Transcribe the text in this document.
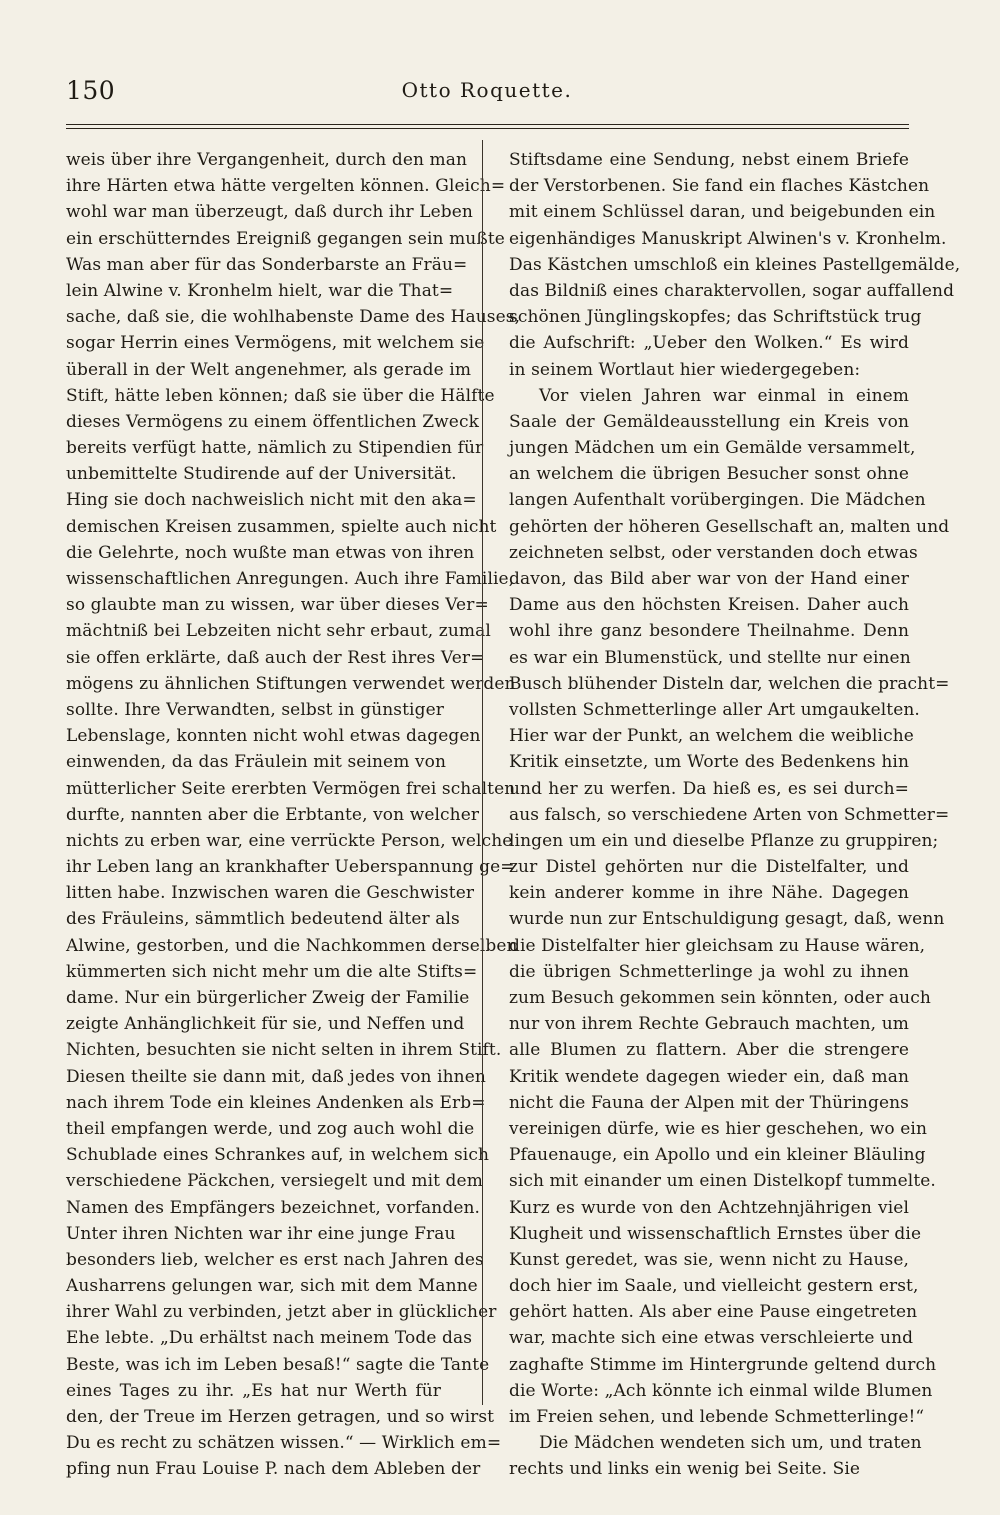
150	Otto Roquette.
weis über ihre Vergangenheit, durch den man
ihre Härten etwa hätte vergelten können. Gleich=
wohl war man überzeugt, daß durch ihr Leben
ein erschütterndes Ereigniß gegangen sein mußte
Was man aber für das Sonderbarste an Fräu=
lein Alwine v. Kronhelm hielt, war die That=
sache, daß sie, die wohlhabenste Dame des Hauses,
sogar Herrin eines Vermögens, mit welchem sie
überall in der Welt angenehmer, als gerade im
Stift, hätte leben können; daß sie über die Hälfte
dieses Vermögens zu einem öffentlichen Zweck
bereits verfügt hatte, nämlich zu Stipendien für
unbemittelte Studirende auf der Universität.
Hing sie doch nachweislich nicht mit den aka=
demischen Kreisen zusammen, spielte auch nicht
die Gelehrte, noch wußte man etwas von ihren
wissenschaftlichen Anregungen. Auch ihre Familie,
so glaubte man zu wissen, war über dieses Ver=
mächtniß bei Lebzeiten nicht sehr erbaut, zumal
sie offen erklärte, daß auch der Rest ihres Ver=
mögens zu ähnlichen Stiftungen verwendet werden
sollte. Ihre Verwandten, selbst in günstiger
Lebenslage, konnten nicht wohl etwas dagegen
einwenden, da das Fräulein mit seinem von
mütterlicher Seite ererbten Vermögen frei schalten
durfte, nannten aber die Erbtante, von welcher
nichts zu erben war, eine verrückte Person, welche
ihr Leben lang an krankhafter Ueberspannung ge=
litten habe. Inzwischen waren die Geschwister
des Fräuleins, sämmtlich bedeutend älter als
Alwine, gestorben, und die Nachkommen derselben
kümmerten sich nicht mehr um die alte Stifts=
dame. Nur ein bürgerlicher Zweig der Familie
zeigte Anhänglichkeit für sie, und Neffen und
Nichten, besuchten sie nicht selten in ihrem Stift.
Diesen theilte sie dann mit, daß jedes von ihnen
nach ihrem Tode ein kleines Andenken als Erb=
theil empfangen werde, und zog auch wohl die
Schublade eines Schrankes auf, in welchem sich
verschiedene Päckchen, versiegelt und mit dem
Namen des Empfängers bezeichnet, vorfanden.
Unter ihren Nichten war ihr eine junge Frau
besonders lieb, welcher es erst nach Jahren des
Ausharrens gelungen war, sich mit dem Manne
ihrer Wahl zu verbinden, jetzt aber in glücklicher
Ehe lebte. „Du erhältst nach meinem Tode das
Beste, was ich im Leben besaß!“ sagte die Tante
eines Tages zu ihr. „Es hat nur Werth für
den, der Treue im Herzen getragen, und so wirst
Du es recht zu schätzen wissen.“ — Wirklich em=
pfing nun Frau Louise P. nach dem Ableben der
Stiftsdame eine Sendung, nebst einem Briefe
der Verstorbenen. Sie fand ein flaches Kästchen
mit einem Schlüssel daran, und beigebunden ein
eigenhändiges Manuskript Alwinen's v. Kronhelm.
Das Kästchen umschloß ein kleines Pastellgemälde,
das Bildniß eines charaktervollen, sogar auffallend
schönen Jünglingskopfes; das Schriftstück trug
die Aufschrift: „Ueber den Wolken.“ Es wird
in seinem Wortlaut hier wiedergegeben:
Vor vielen Jahren war einmal in einem
Saale der Gemäldeausstellung ein Kreis von
jungen Mädchen um ein Gemälde versammelt,
an welchem die übrigen Besucher sonst ohne
langen Aufenthalt vorübergingen. Die Mädchen
gehörten der höheren Gesellschaft an, malten und
zeichneten selbst, oder verstanden doch etwas
davon, das Bild aber war von der Hand einer
Dame aus den höchsten Kreisen. Daher auch
wohl ihre ganz besondere Theilnahme. Denn
es war ein Blumenstück, und stellte nur einen
Busch blühender Disteln dar, welchen die pracht=
vollsten Schmetterlinge aller Art umgaukelten.
Hier war der Punkt, an welchem die weibliche
Kritik einsetzte, um Worte des Bedenkens hin
und her zu werfen. Da hieß es, es sei durch=
aus falsch, so verschiedene Arten von Schmetter=
lingen um ein und dieselbe Pflanze zu gruppiren;
zur Distel gehörten nur die Distelfalter, und
kein anderer komme in ihre Nähe. Dagegen
wurde nun zur Entschuldigung gesagt, daß, wenn
die Distelfalter hier gleichsam zu Hause wären,
die übrigen Schmetterlinge ja wohl zu ihnen
zum Besuch gekommen sein könnten, oder auch
nur von ihrem Rechte Gebrauch machten, um
alle Blumen zu flattern. Aber die strengere
Kritik wendete dagegen wieder ein, daß man
nicht die Fauna der Alpen mit der Thüringens
vereinigen dürfe, wie es hier geschehen, wo ein
Pfauenauge, ein Apollo und ein kleiner Bläuling
sich mit einander um einen Distelkopf tummelte.
Kurz es wurde von den Achtzehnjährigen viel
Klugheit und wissenschaftlich Ernstes über die
Kunst geredet, was sie, wenn nicht zu Hause,
doch hier im Saale, und vielleicht gestern erst,
gehört hatten. Als aber eine Pause eingetreten
war, machte sich eine etwas verschleierte und
zaghafte Stimme im Hintergrunde geltend durch
die Worte: „Ach könnte ich einmal wilde Blumen
im Freien sehen, und lebende Schmetterlinge!“
Die Mädchen wendeten sich um, und traten
rechts und links ein wenig bei Seite. Sie
